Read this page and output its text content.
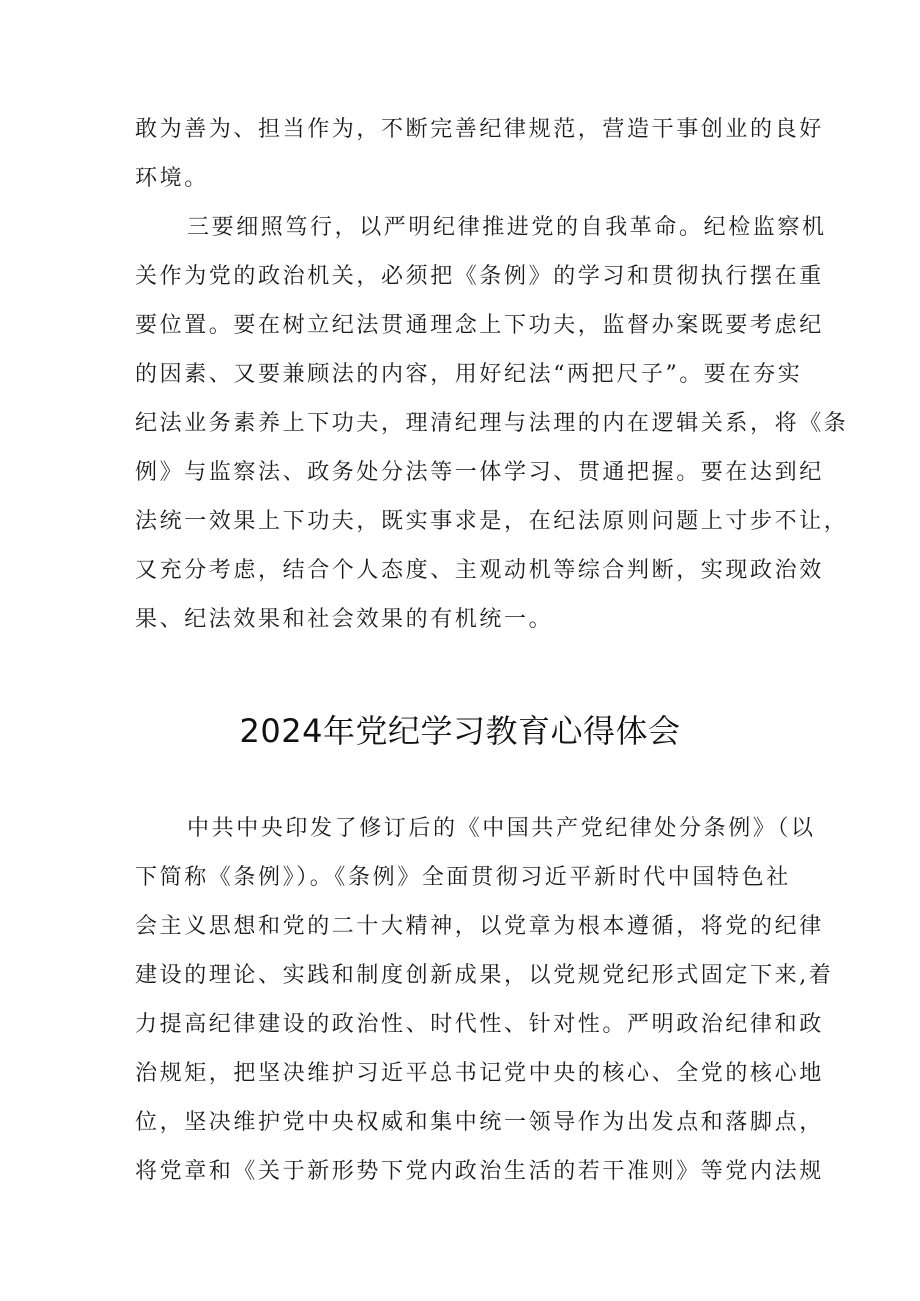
敢为善为、担当作为，不断完善纪律规范，营造干事创业的良好
环境。
三要细照笃行，以严明纪律推进党的自我革命。纪检监察机
关作为党的政治机关，必须把《条例》的学习和贯彻执行摆在重
要位置。要在树立纪法贯通理念上下功夫，监督办案既要考虑纪
的因素、又要兼顾法的内容，用好纪法“两把尺子”。要在夯实
纪法业务素养上下功夫，理清纪理与法理的内在逻辑关系，将《条
例》与监察法、政务处分法等一体学习、贯通把握。要在达到纪
法统一效果上下功夫，既实事求是，在纪法原则问题上寸步不让，
又充分考虑，结合个人态度、主观动机等综合判断，实现政治效
果、纪法效果和社会效果的有机统一。
2024年党纪学习教育心得体会
中共中央印发了修订后的《中国共产党纪律处分条例》（以
下简称《条例》）。《条例》全面贯彻习近平新时代中国特色社
会主义思想和党的二十大精神，以党章为根本遵循，将党的纪律
建设的理论、实践和制度创新成果，以党规党纪形式固定下来,着
力提高纪律建设的政治性、时代性、针对性。严明政治纪律和政
治规矩，把坚决维护习近平总书记党中央的核心、全党的核心地
位，坚决维护党中央权威和集中统一领导作为出发点和落脚点，
将党章和《关于新形势下党内政治生活的若干准则》等党内法规
